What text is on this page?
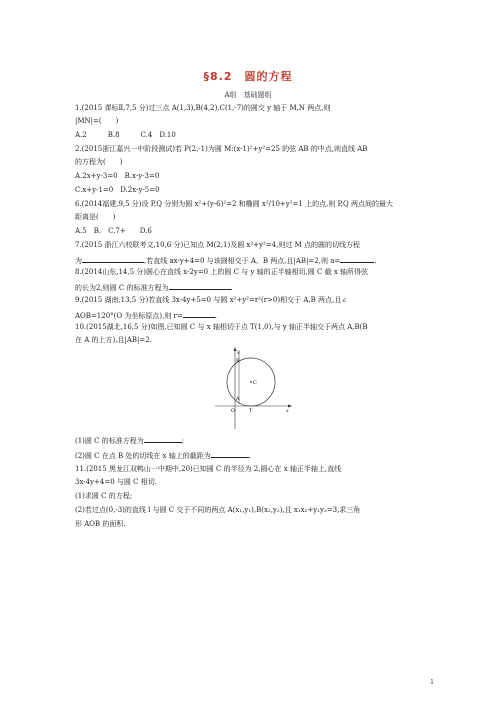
§8.2　圆的方程
A组　基础题组
1.(2015 课标Ⅱ,7,5 分)过三点 A(1,3),B(4,2),C(1,-7)的圆交 y 轴于 M,N 两点,则
|MN|=(　　)
A.2　　　B.8　　　C.4　D.10
2.(2015浙江嘉兴一中阶段测试)若 P(2,-1)为圆 M:(x-1)²+y²=25 的弦 AB 的中点,则直线 AB
的方程为(　　)
A.2x+y-3=0　B.x-y-3=0
C.x+y-1=0　D.2x-y-5=0
6.(2014福建,9,5 分)设 P,Q 分别为圆 x²+(y-6)²=2 和椭圆 x²/10+y²=1 上的点,则 P,Q 两点间的最大
距离是(　　)
A.5　B.　C.7+　　D.6
7.(2015 浙江六校联考文,10,6 分)已知点 M(2,1)及圆 x²+y²=4,则过 M 点的圆的切线方程
为	,若直线 ax-y+4=0 与该圆相交于 A、B 两点,且|AB|=2,则 a=	.
8.(2014山东,14,5 分)圆心在直线 x-2y=0 上的圆 C 与 y 轴的正半轴相切,圆 C 截 x 轴所得弦
的长为2,则圆 C 的标准方程为	.
9.(2015 湖南,13,5 分)若直线 3x-4y+5=0 与圆 x²+y²=r²(r>0)相交于 A,B 两点,且∠
AOB=120°(O 为坐标原点),则 r=	.
10.(2015湖北,16,5 分)如图,已知圆 C 与 x 轴相切于点 T(1,0),与 y 轴正半轴交于两点 A,B(B
在 A 的上方),且|AB|=2.
y
B
C
A
O	T	x
(1)圆 C 的标准方程为	;
(2)圆 C 在点 B 处的切线在 x 轴上的截距为	.
11.(2015 黑龙江双鸭山一中期中,20)已知圆 C 的半径为 2,圆心在 x 轴正半轴上,直线
3x-4y+4=0 与圆 C 相切.
(1)求圆 C 的方程;
(2)若过点(0,-3)的直线 l 与圆 C 交于不同的两点 A(x₁,y₁),B(x₂,y₂),且 x₁x₂+y₁y₂=3,求三角
形 AOB 的面积.
1
